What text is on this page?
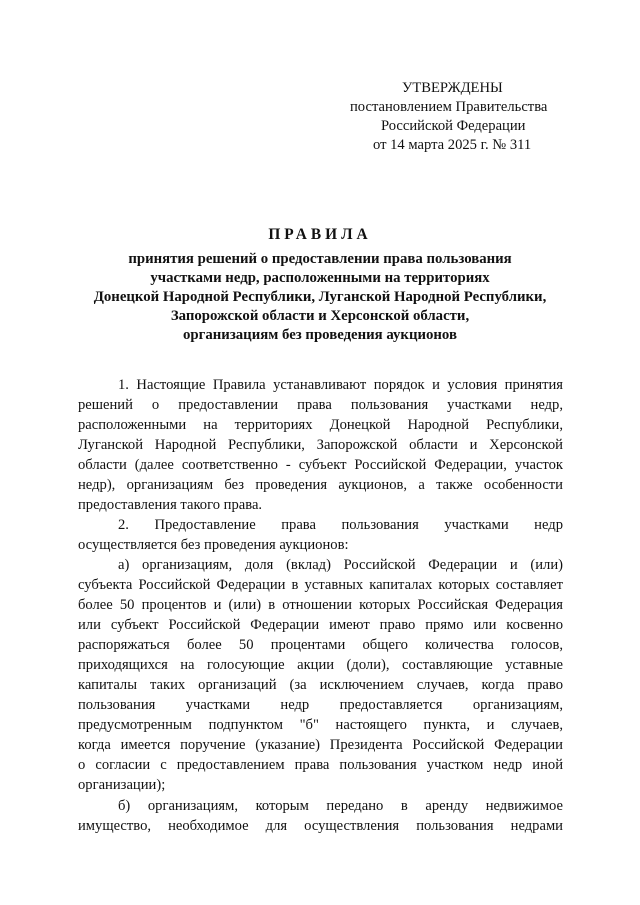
УТВЕРЖДЕНЫ
постановлением Правительства
Российской Федерации
от 14 марта 2025 г. № 311
ПРАВИЛА
принятия решений о предоставлении права пользования
участками недр, расположенными на территориях
Донецкой Народной Республики, Луганской Народной Республики,
Запорожской области и Херсонской области,
организациям без проведения аукционов
1. Настоящие Правила устанавливают порядок и условия принятия
решений о предоставлении права пользования участками недр,
расположенными на территориях Донецкой Народной Республики,
Луганской Народной Республики, Запорожской области и Херсонской
области (далее соответственно - субъект Российской Федерации, участок
недр), организациям без проведения аукционов, а также особенности
предоставления такого права.
2. Предоставление права пользования участками недр
осуществляется без проведения аукционов:
а) организациям, доля (вклад) Российской Федерации и (или)
субъекта Российской Федерации в уставных капиталах которых составляет
более 50 процентов и (или) в отношении которых Российская Федерация
или субъект Российской Федерации имеют право прямо или косвенно
распоряжаться более 50 процентами общего количества голосов,
приходящихся на голосующие акции (доли), составляющие уставные
капиталы таких организаций (за исключением случаев, когда право
пользования участками недр предоставляется организациям,
предусмотренным подпунктом "б" настоящего пункта, и случаев,
когда имеется поручение (указание) Президента Российской Федерации
о согласии с предоставлением права пользования участком недр иной
организации);
б) организациям, которым передано в аренду недвижимое
имущество, необходимое для осуществления пользования недрами
